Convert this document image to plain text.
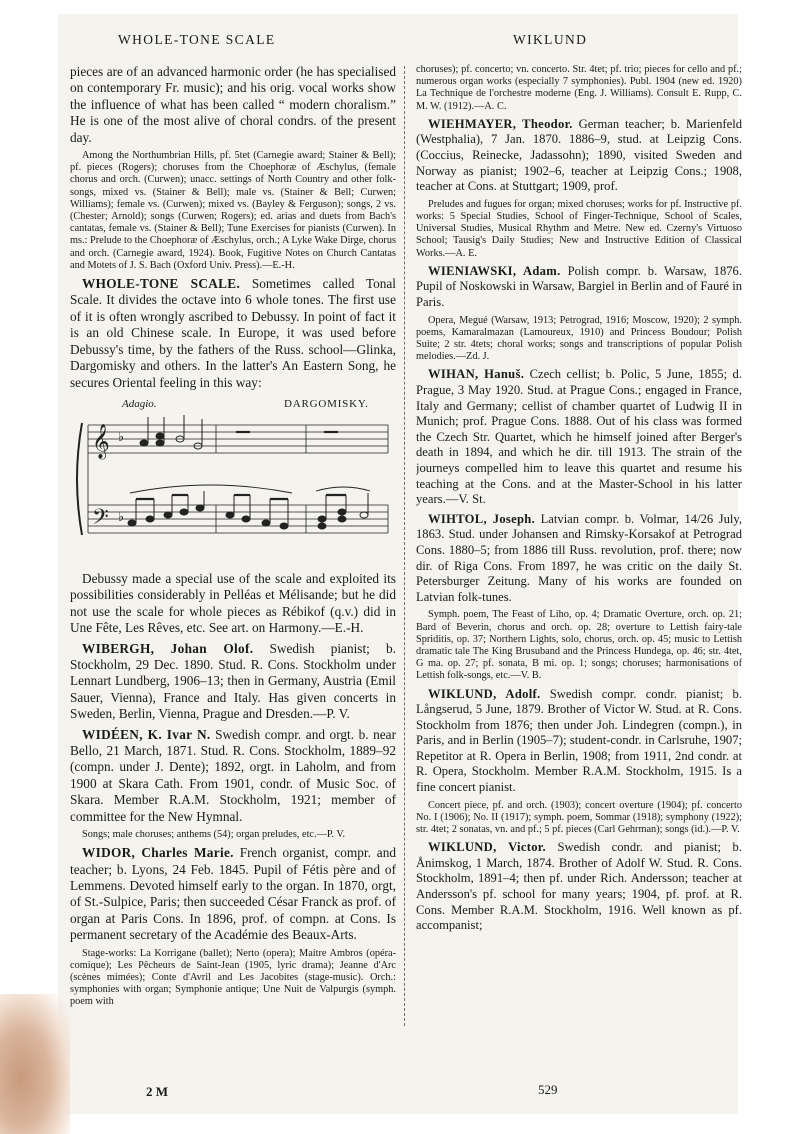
WHOLE-TONE SCALE	WIKLUND

pieces are of an advanced harmonic order (he has specialised on contemporary Fr. music); and his orig. vocal works show the influence of what has been called “ modern choralism.” He is one of the most alive of choral condrs. of the present day.

Among the Northumbrian Hills, pf. 5tet (Carnegie award; Stainer & Bell); pf. pieces (Rogers); choruses from the Choephoræ of Æschylus, (female chorus and orch. (Curwen); unacc. settings of North Country and other folk-songs, mixed vs. (Stainer & Bell); male vs. (Stainer & Bell; Curwen; Williams); female vs. (Curwen); mixed vs. (Bayley & Ferguson); songs, 2 vs. (Chester; Arnold); songs (Curwen; Rogers); ed. arias and duets from Bach's cantatas, female vs. (Stainer & Bell); Tune Exercises for pianists (Curwen). In ms.: Prelude to the Choephoræ of Æschylus, orch.; A Lyke Wake Dirge, chorus and orch. (Carnegie award, 1924). Book, Fugitive Notes on Church Cantatas and Motets of J. S. Bach (Oxford Univ. Press).—E.-H.

WHOLE-TONE SCALE. Sometimes called Tonal Scale. It divides the octave into 6 whole tones. The first use of it is often wrongly ascribed to Debussy. In point of fact it is an old Chinese scale. In Europe, it was used before Debussy's time, by the fathers of the Russ. school—Glinka, Dargomisky and others. In the latter's An Eastern Song, he secures Oriental feeling in this way:

Adagio.	DARGOMISKY.
𝄞
𝄢
♭
♭

Debussy made a special use of the scale and exploited its possibilities considerably in Pelléas et Mélisande; but he did not use the scale for whole pieces as Rébikof (q.v.) did in Une Fête, Les Rêves, etc. See art. on Harmony.—E.-H.

WIBERGH, Johan Olof. Swedish pianist; b. Stockholm, 29 Dec. 1890. Stud. R. Cons. Stockholm under Lennart Lundberg, 1906–13; then in Germany, Austria (Emil Sauer, Vienna), France and Italy. Has given concerts in Sweden, Berlin, Vienna, Prague and Dresden.—P. V.

WIDÉEN, K. Ivar N. Swedish compr. and orgt. b. near Bello, 21 March, 1871. Stud. R. Cons. Stockholm, 1889–92 (compn. under J. Dente); 1892, orgt. in Laholm, and from 1900 at Skara Cath. From 1901, condr. of Music Soc. of Skara. Member R.A.M. Stockholm, 1921; member of committee for the New Hymnal.

Songs; male choruses; anthems (54); organ preludes, etc.—P. V.

WIDOR, Charles Marie. French organist, compr. and teacher; b. Lyons, 24 Feb. 1845. Pupil of Fétis père and of Lemmens. Devoted himself early to the organ. In 1870, orgt, of St.-Sulpice, Paris; then succeeded César Franck as prof. of organ at Paris Cons. In 1896, prof. of compn. at Cons. Is permanent secretary of the Académie des Beaux-Arts.

Stage-works: La Korrigane (ballet); Nerto (opera); Maitre Ambros (opéra-comique); Les Pêcheurs de Saint-Jean (1905, lyric drama); Jeanne d'Arc (scènes mimées); Conte d'Avril and Les Jacobites (stage-music). Orch.: symphonies with organ; Symphonie antique; Une Nuit de Valpurgis (symph. poem with

choruses); pf. concerto; vn. concerto. Str. 4tet; pf. trio; pieces for cello and pf.; numerous organ works (especially 7 symphonies). Publ. 1904 (new ed. 1920) La Technique de l'orchestre moderne (Eng. J. Williams). Consult E. Rupp, C. M. W. (1912).—A. C.

WIEHMAYER, Theodor. German teacher; b. Marienfeld (Westphalia), 7 Jan. 1870. 1886–9, stud. at Leipzig Cons. (Coccius, Reinecke, Jadassohn); 1890, visited Sweden and Norway as pianist; 1902–6, teacher at Leipzig Cons.; 1908, teacher at Cons. at Stuttgart; 1909, prof.

Preludes and fugues for organ; mixed choruses; works for pf. Instructive pf. works: 5 Special Studies, School of Finger-Technique, School of Scales, Universal Studies, Musical Rhythm and Metre. New ed. Czerny's Virtuoso School; Tausig's Daily Studies; New and Instructive Edition of Classical Works.—A. E.

WIENIAWSKI, Adam. Polish compr. b. Warsaw, 1876. Pupil of Noskowski in Warsaw, Bargiel in Berlin and of Fauré in Paris.

Opera, Megué (Warsaw, 1913; Petrograd, 1916; Moscow, 1920); 2 symph. poems, Kamaralmazan (Lamoureux, 1910) and Princess Boudour; Polish Suite; 2 str. 4tets; choral works; songs and transcriptions of popular Polish melodies.—Zd. J.

WIHAN, Hanuš. Czech cellist; b. Polic, 5 June, 1855; d. Prague, 3 May 1920. Stud. at Prague Cons.; engaged in France, Italy and Germany; cellist of chamber quartet of Ludwig II in Munich; prof. Prague Cons. 1888. Out of his class was formed the Czech Str. Quartet, which he himself joined after Berger's death in 1894, and which he dir. till 1913. The strain of the journeys compelled him to leave this quartet and resume his teaching at the Cons. and at the Master-School in his latter years.—V. St.

WIHTOL, Joseph. Latvian compr. b. Volmar, 14/26 July, 1863. Stud. under Johansen and Rimsky-Korsakof at Petrograd Cons. 1880–5; from 1886 till Russ. revolution, prof. there; now dir. of Riga Cons. From 1897, he was critic on the daily St. Petersburger Zeitung. Many of his works are founded on Latvian folk-tunes.

Symph. poem, The Feast of Liho, op. 4; Dramatic Overture, orch. op. 21; Bard of Beverin, chorus and orch. op. 28; overture to Lettish fairy-tale Spriditis, op. 37; Northern Lights, solo, chorus, orch. op. 45; music to Lettish dramatic tale The King Brusuband and the Princess Hundega, op. 46; str. 4tet, G ma. op. 27; pf. sonata, B mi. op. 1; songs; choruses; harmonisations of Lettish folk-songs, etc.—V. B.

WIKLUND, Adolf. Swedish compr. condr. pianist; b. Långserud, 5 June, 1879. Brother of Victor W. Stud. at R. Cons. Stockholm from 1876; then under Joh. Lindegren (compn.), in Paris, and in Berlin (1905–7); student-condr. in Carlsruhe, 1907; Repetitor at R. Opera in Berlin, 1908; from 1911, 2nd condr. at R. Opera, Stockholm. Member R.A.M. Stockholm, 1915. Is a fine concert pianist.

Concert piece, pf. and orch. (1903); concert overture (1904); pf. concerto No. I (1906); No. II (1917); symph. poem, Sommar (1918); symphony (1922); str. 4tet; 2 sonatas, vn. and pf.; 5 pf. pieces (Carl Gehrman); songs (id.).—P. V.

WIKLUND, Victor. Swedish condr. and pianist; b. Ånimskog, 1 March, 1874. Brother of Adolf W. Stud. R. Cons. Stockholm, 1891–4; then pf. under Rich. Andersson; teacher at Andersson's pf. school for many years; 1904, pf. prof. at R. Cons. Member R.A.M. Stockholm, 1916. Well known as pf. accompanist;

2 M	529
